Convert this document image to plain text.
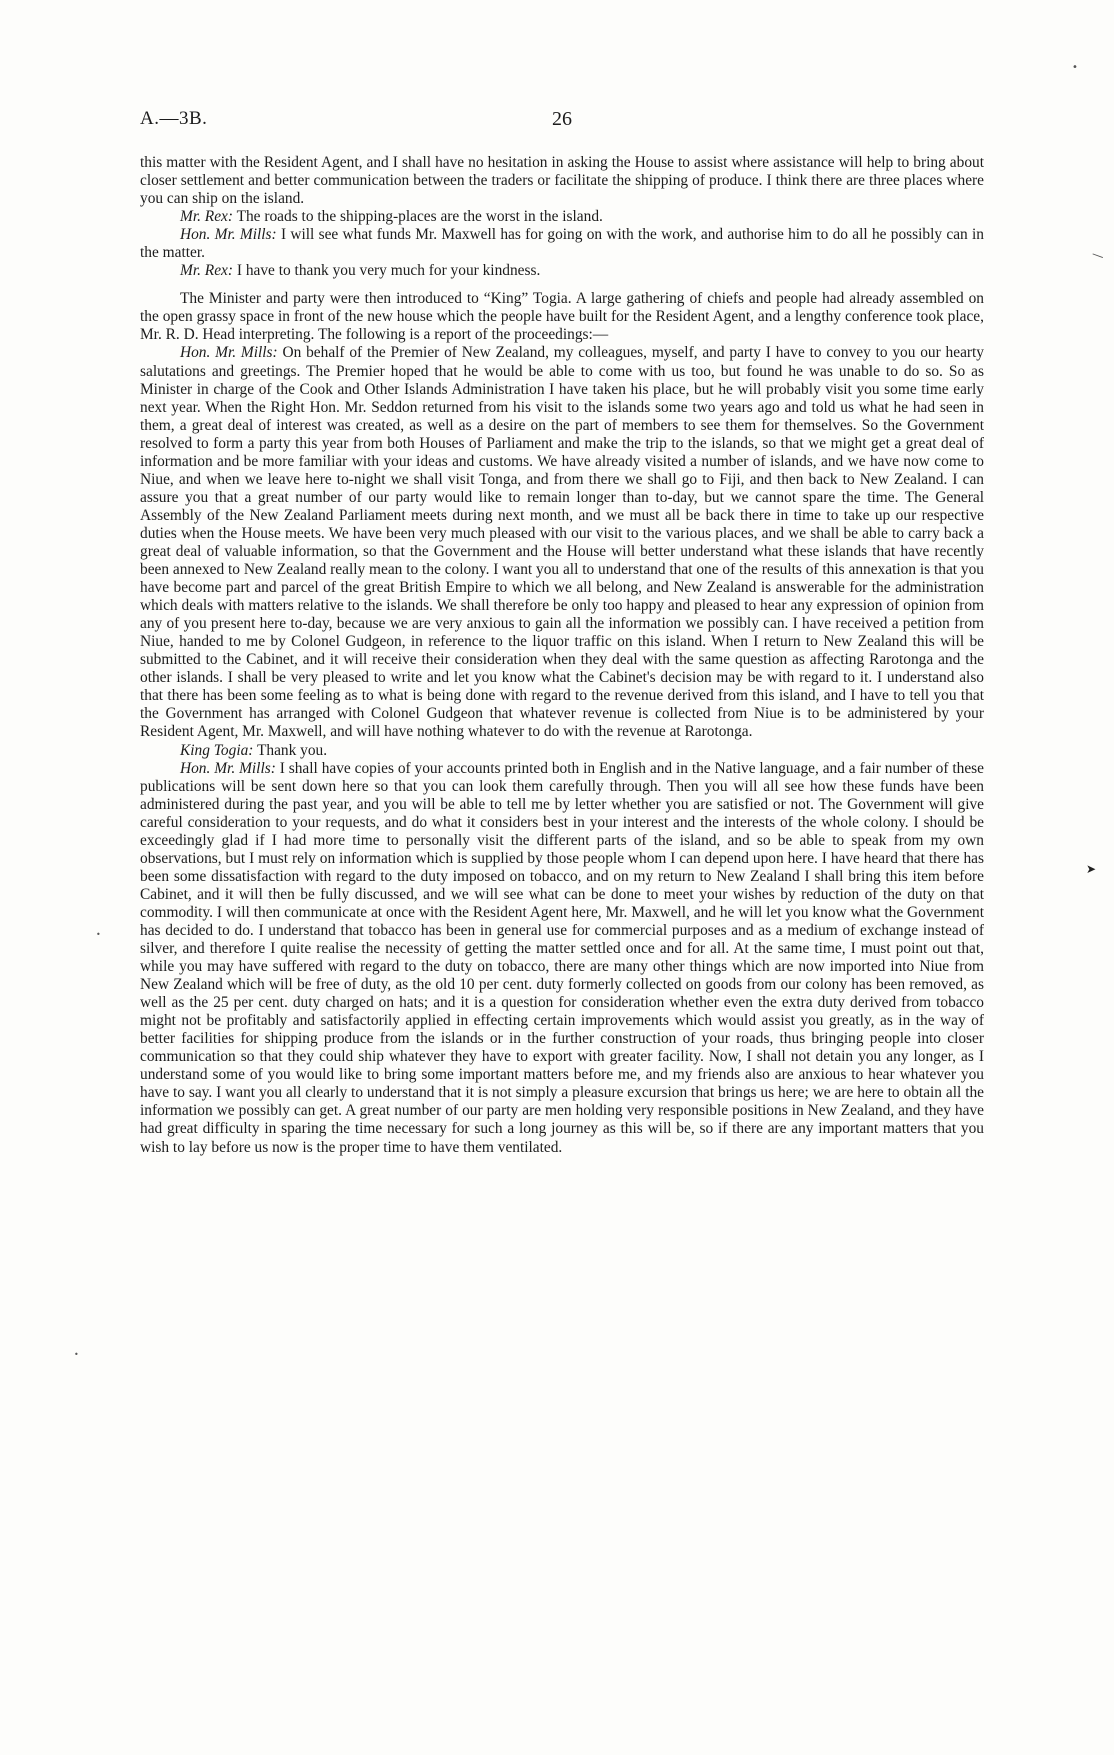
A.—3B.	26

this matter with the Resident Agent, and I shall have no hesitation in asking the House to assist where assistance will help to bring about closer settlement and better communication between the traders or facilitate the shipping of produce. I think there are three places where you can ship on the island.

Mr. Rex: The roads to the shipping-places are the worst in the island.

Hon. Mr. Mills: I will see what funds Mr. Maxwell has for going on with the work, and authorise him to do all he possibly can in the matter.

Mr. Rex: I have to thank you very much for your kindness.

The Minister and party were then introduced to “King” Togia. A large gathering of chiefs and people had already assembled on the open grassy space in front of the new house which the people have built for the Resident Agent, and a lengthy conference took place, Mr. R. D. Head interpreting. The following is a report of the proceedings:—

Hon. Mr. Mills: On behalf of the Premier of New Zealand, my colleagues, myself, and party I have to convey to you our hearty salutations and greetings. The Premier hoped that he would be able to come with us too, but found he was unable to do so. So as Minister in charge of the Cook and Other Islands Administration I have taken his place, but he will probably visit you some time early next year. When the Right Hon. Mr. Seddon returned from his visit to the islands some two years ago and told us what he had seen in them, a great deal of interest was created, as well as a desire on the part of members to see them for themselves. So the Government resolved to form a party this year from both Houses of Parliament and make the trip to the islands, so that we might get a great deal of information and be more familiar with your ideas and customs. We have already visited a number of islands, and we have now come to Niue, and when we leave here to-night we shall visit Tonga, and from there we shall go to Fiji, and then back to New Zealand. I can assure you that a great number of our party would like to remain longer than to-day, but we cannot spare the time. The General Assembly of the New Zealand Parliament meets during next month, and we must all be back there in time to take up our respective duties when the House meets. We have been very much pleased with our visit to the various places, and we shall be able to carry back a great deal of valuable information, so that the Government and the House will better understand what these islands that have recently been annexed to New Zealand really mean to the colony. I want you all to understand that one of the results of this annexation is that you have become part and parcel of the great British Empire to which we all belong, and New Zealand is answerable for the administration which deals with matters relative to the islands. We shall therefore be only too happy and pleased to hear any expression of opinion from any of you present here to-day, because we are very anxious to gain all the information we possibly can. I have received a petition from Niue, handed to me by Colonel Gudgeon, in reference to the liquor traffic on this island. When I return to New Zealand this will be submitted to the Cabinet, and it will receive their consideration when they deal with the same question as affecting Rarotonga and the other islands. I shall be very pleased to write and let you know what the Cabinet's decision may be with regard to it. I understand also that there has been some feeling as to what is being done with regard to the revenue derived from this island, and I have to tell you that the Government has arranged with Colonel Gudgeon that whatever revenue is collected from Niue is to be administered by your Resident Agent, Mr. Maxwell, and will have nothing whatever to do with the revenue at Rarotonga.

King Togia: Thank you.

Hon. Mr. Mills: I shall have copies of your accounts printed both in English and in the Native language, and a fair number of these publications will be sent down here so that you can look them carefully through. Then you will all see how these funds have been administered during the past year, and you will be able to tell me by letter whether you are satisfied or not. The Government will give careful consideration to your requests, and do what it considers best in your interest and the interests of the whole colony. I should be exceedingly glad if I had more time to personally visit the different parts of the island, and so be able to speak from my own observations, but I must rely on information which is supplied by those people whom I can depend upon here. I have heard that there has been some dissatisfaction with regard to the duty imposed on tobacco, and on my return to New Zealand I shall bring this item before Cabinet, and it will then be fully discussed, and we will see what can be done to meet your wishes by reduction of the duty on that commodity. I will then communicate at once with the Resident Agent here, Mr. Maxwell, and he will let you know what the Government has decided to do. I understand that tobacco has been in general use for commercial purposes and as a medium of exchange instead of silver, and therefore I quite realise the necessity of getting the matter settled once and for all. At the same time, I must point out that, while you may have suffered with regard to the duty on tobacco, there are many other things which are now imported into Niue from New Zealand which will be free of duty, as the old 10 per cent. duty formerly collected on goods from our colony has been removed, as well as the 25 per cent. duty charged on hats; and it is a question for consideration whether even the extra duty derived from tobacco might not be profitably and satisfactorily applied in effecting certain improvements which would assist you greatly, as in the way of better facilities for shipping produce from the islands or in the further construction of your roads, thus bringing people into closer communication so that they could ship whatever they have to export with greater facility. Now, I shall not detain you any longer, as I understand some of you would like to bring some important matters before me, and my friends also are anxious to hear whatever you have to say. I want you all clearly to understand that it is not simply a pleasure excursion that brings us here; we are here to obtain all the information we possibly can get. A great number of our party are men holding very responsible positions in New Zealand, and they have had great difficulty in sparing the time necessary for such a long journey as this will be, so if there are any important matters that you wish to lay before us now is the proper time to have them ventilated.

•
—
➤
•
•
